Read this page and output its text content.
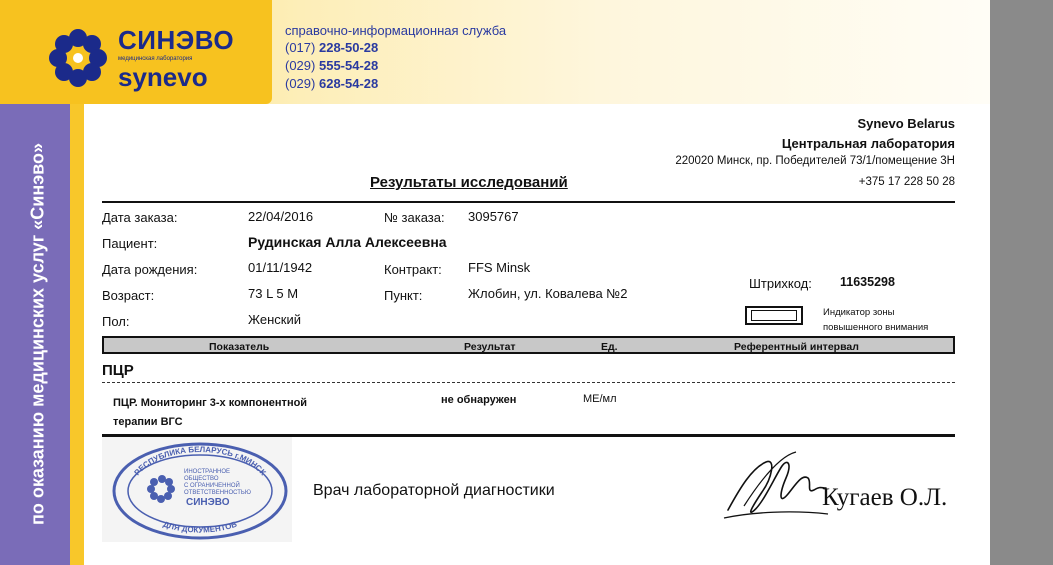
СИНЭВО
медицинская лаборатория
synevo
справочно-информационная служба
(017) 228-50-28
(029) 555-54-28
(029) 628-54-28
по оказанию медицинских услуг «Синэво»
Synevo Belarus
Центральная лаборатория
220020 Минск, пр. Победителей 73/1/помещение 3Н
+375 17 228 50 28
Результаты исследований
Дата заказа:	22/04/2016	№ заказа: 3095767
Пациент:	Рудинская Алла Алексеевна
Дата рождения:	01/11/1942	Контракт: FFS Minsk
Возраст:	73 L 5 M	Пункт:	Жлобин, ул. Ковалева №2
Пол:	Женский
Штрихкод: 11635298
Индикатор зоны
повышенного внимания
Показатель	Результат	Ед.	Референтный интервал
ПЦР
ПЦР. Мониторинг 3-х компонентной
терапии ВГС
не обнаружен	МЕ/мл
РЕСПУБЛИКА БЕЛАРУСЬ г.МИНСК
ДЛЯ ДОКУМЕНТОВ
ИНОСТРАННОЕ
ОБЩЕСТВО
С ОГРАНИЧЕННОЙ
ОТВЕТСТВЕННОСТЬЮ
СИНЭВО
Врач лабораторной диагностики	Кугаев О.Л.
